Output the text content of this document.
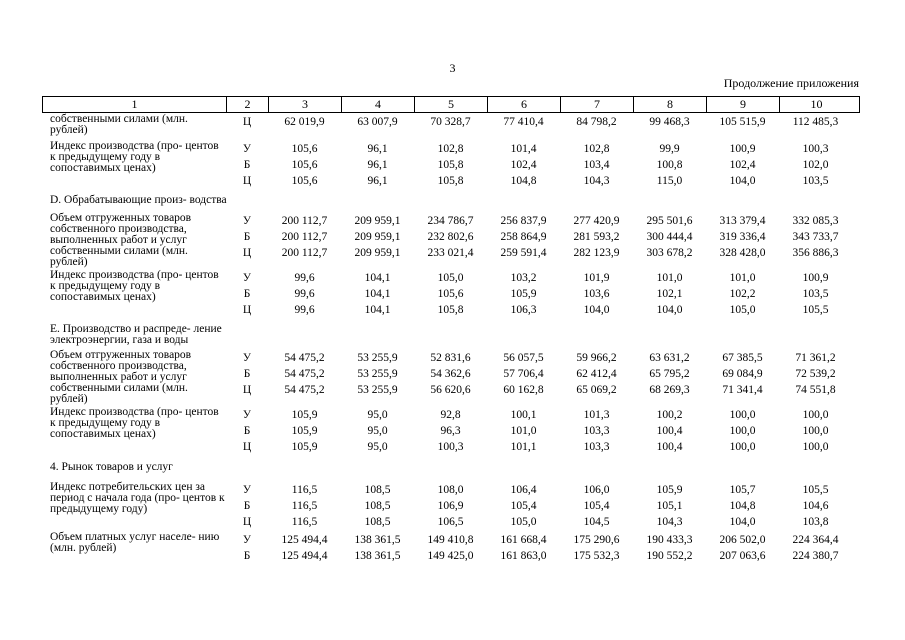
3
Продолжение приложения
1	2	3	4	5	6	7	8	9	10
собственными силами (млн. рублей)
Ц	62 019,9	63 007,9	70 328,7	77 410,4	84 798,2	99 468,3	105 515,9	112 485,3
Индекс производства (про- центов к предыдущему году в сопоставимых ценах)
У	105,6	96,1	102,8	101,4	102,8	99,9	100,9	100,3
Б	105,6	96,1	105,8	102,4	103,4	100,8	102,4	102,0
Ц	105,6	96,1	105,8	104,8	104,3	115,0	104,0	103,5
D. Обрабатывающие произ- водства
Объем отгруженных товаров собственного производства, выполненных работ и услуг собственными силами (млн. рублей)
У	200 112,7	209 959,1	234 786,7	256 837,9	277 420,9	295 501,6	313 379,4	332 085,3
Б	200 112,7	209 959,1	232 802,6	258 864,9	281 593,2	300 444,4	319 336,4	343 733,7
Ц	200 112,7	209 959,1	233 021,4	259 591,4	282 123,9	303 678,2	328 428,0	356 886,3
Индекс производства (про- центов к предыдущему году в сопоставимых ценах)
У	99,6	104,1	105,0	103,2	101,9	101,0	101,0	100,9
Б	99,6	104,1	105,6	105,9	103,6	102,1	102,2	103,5
Ц	99,6	104,1	105,8	106,3	104,0	104,0	105,0	105,5
E. Производство и распреде- ление электроэнергии, газа и воды
Объем отгруженных товаров собственного производства, выполненных работ и услуг собственными силами (млн. рублей)
У	54 475,2	53 255,9	52 831,6	56 057,5	59 966,2	63 631,2	67 385,5	71 361,2
Б	54 475,2	53 255,9	54 362,6	57 706,4	62 412,4	65 795,2	69 084,9	72 539,2
Ц	54 475,2	53 255,9	56 620,6	60 162,8	65 069,2	68 269,3	71 341,4	74 551,8
Индекс производства (про- центов к предыдущему году в сопоставимых ценах)
У	105,9	95,0	92,8	100,1	101,3	100,2	100,0	100,0
Б	105,9	95,0	96,3	101,0	103,3	100,4	100,0	100,0
Ц	105,9	95,0	100,3	101,1	103,3	100,4	100,0	100,0
4. Рынок товаров и услуг
Индекс потребительских цен за период с начала года (про- центов к предыдущему году)
У	116,5	108,5	108,0	106,4	106,0	105,9	105,7	105,5
Б	116,5	108,5	106,9	105,4	105,4	105,1	104,8	104,6
Ц	116,5	108,5	106,5	105,0	104,5	104,3	104,0	103,8
Объем платных услуг населе- нию (млн. рублей)
У	125 494,4	138 361,5	149 410,8	161 668,4	175 290,6	190 433,3	206 502,0	224 364,4
Б	125 494,4	138 361,5	149 425,0	161 863,0	175 532,3	190 552,2	207 063,6	224 380,7
